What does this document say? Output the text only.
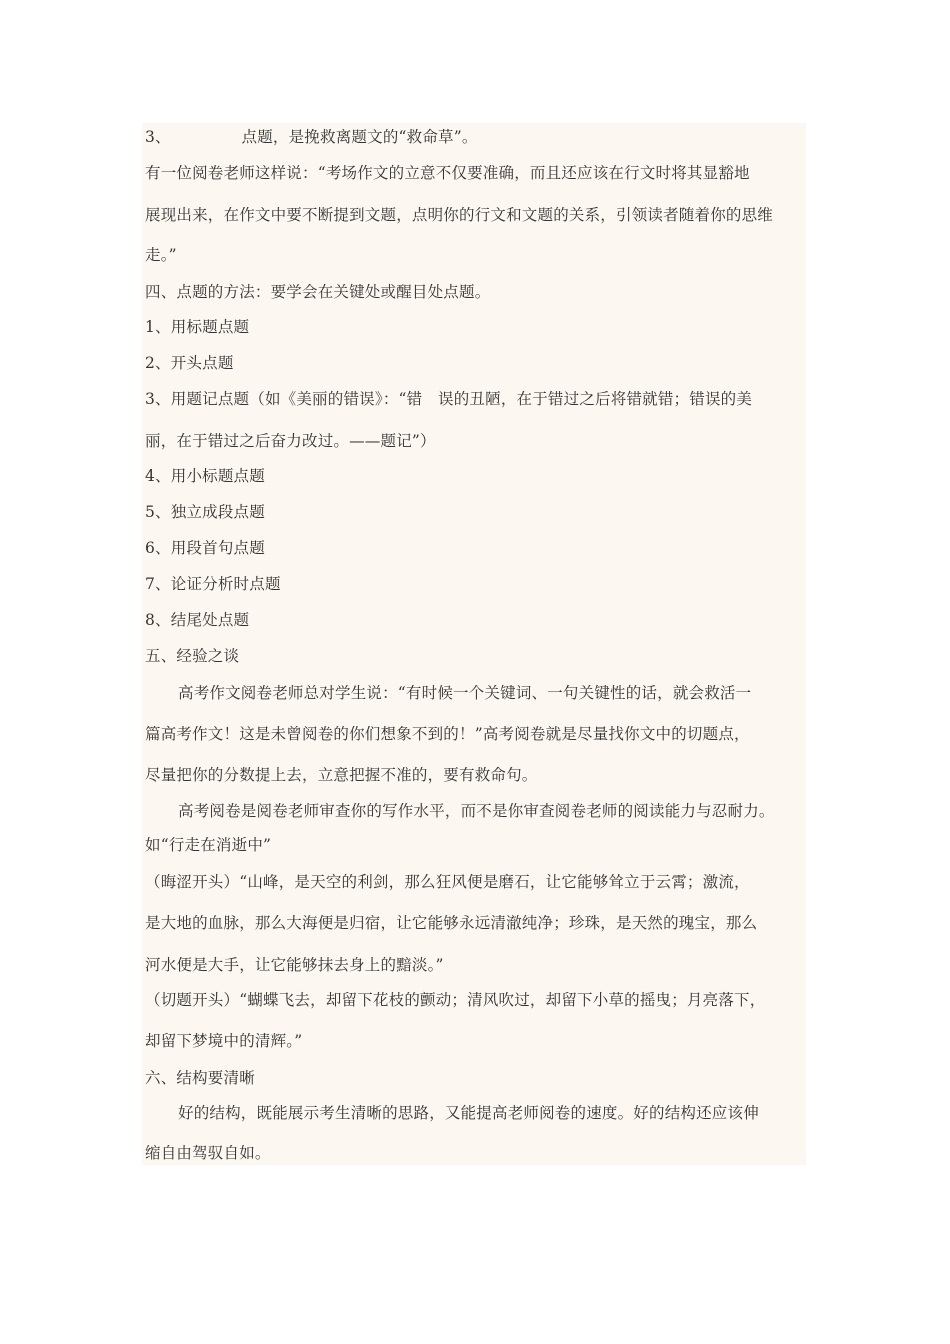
3、　　　　　点题，是挽救离题文的“救命草”。

有一位阅卷老师这样说：“考场作文的立意不仅要准确，而且还应该在行文时将其显豁地

展现出来，在作文中要不断提到文题，点明你的行文和文题的关系，引领读者随着你的思维

走。”

四、点题的方法：要学会在关键处或醒目处点题。

1、用标题点题

2、开头点题

3、用题记点题（如《美丽的错误》：“错　误的丑陋，在于错过之后将错就错；错误的美

丽，在于错过之后奋力改过。——题记”）

4、用小标题点题

5、独立成段点题

6、用段首句点题

7、论证分析时点题

8、结尾处点题

五、经验之谈

高考作文阅卷老师总对学生说：“有时候一个关键词、一句关键性的话，就会救活一

篇高考作文！这是未曾阅卷的你们想象不到的！”高考阅卷就是尽量找你文中的切题点，

尽量把你的分数提上去，立意把握不准的，要有救命句。

高考阅卷是阅卷老师审查你的写作水平，而不是你审查阅卷老师的阅读能力与忍耐力。

如“行走在消逝中”

（晦涩开头）“山峰，是天空的利剑，那么狂风便是磨石，让它能够耸立于云霄；激流，

是大地的血脉，那么大海便是归宿，让它能够永远清澈纯净；珍珠，是天然的瑰宝，那么

河水便是大手，让它能够抹去身上的黯淡。”

（切题开头）“蝴蝶飞去，却留下花枝的颤动；清风吹过，却留下小草的摇曳；月亮落下，

却留下梦境中的清辉。”

六、结构要清晰

好的结构，既能展示考生清晰的思路，又能提高老师阅卷的速度。好的结构还应该伸

缩自由驾驭自如。
